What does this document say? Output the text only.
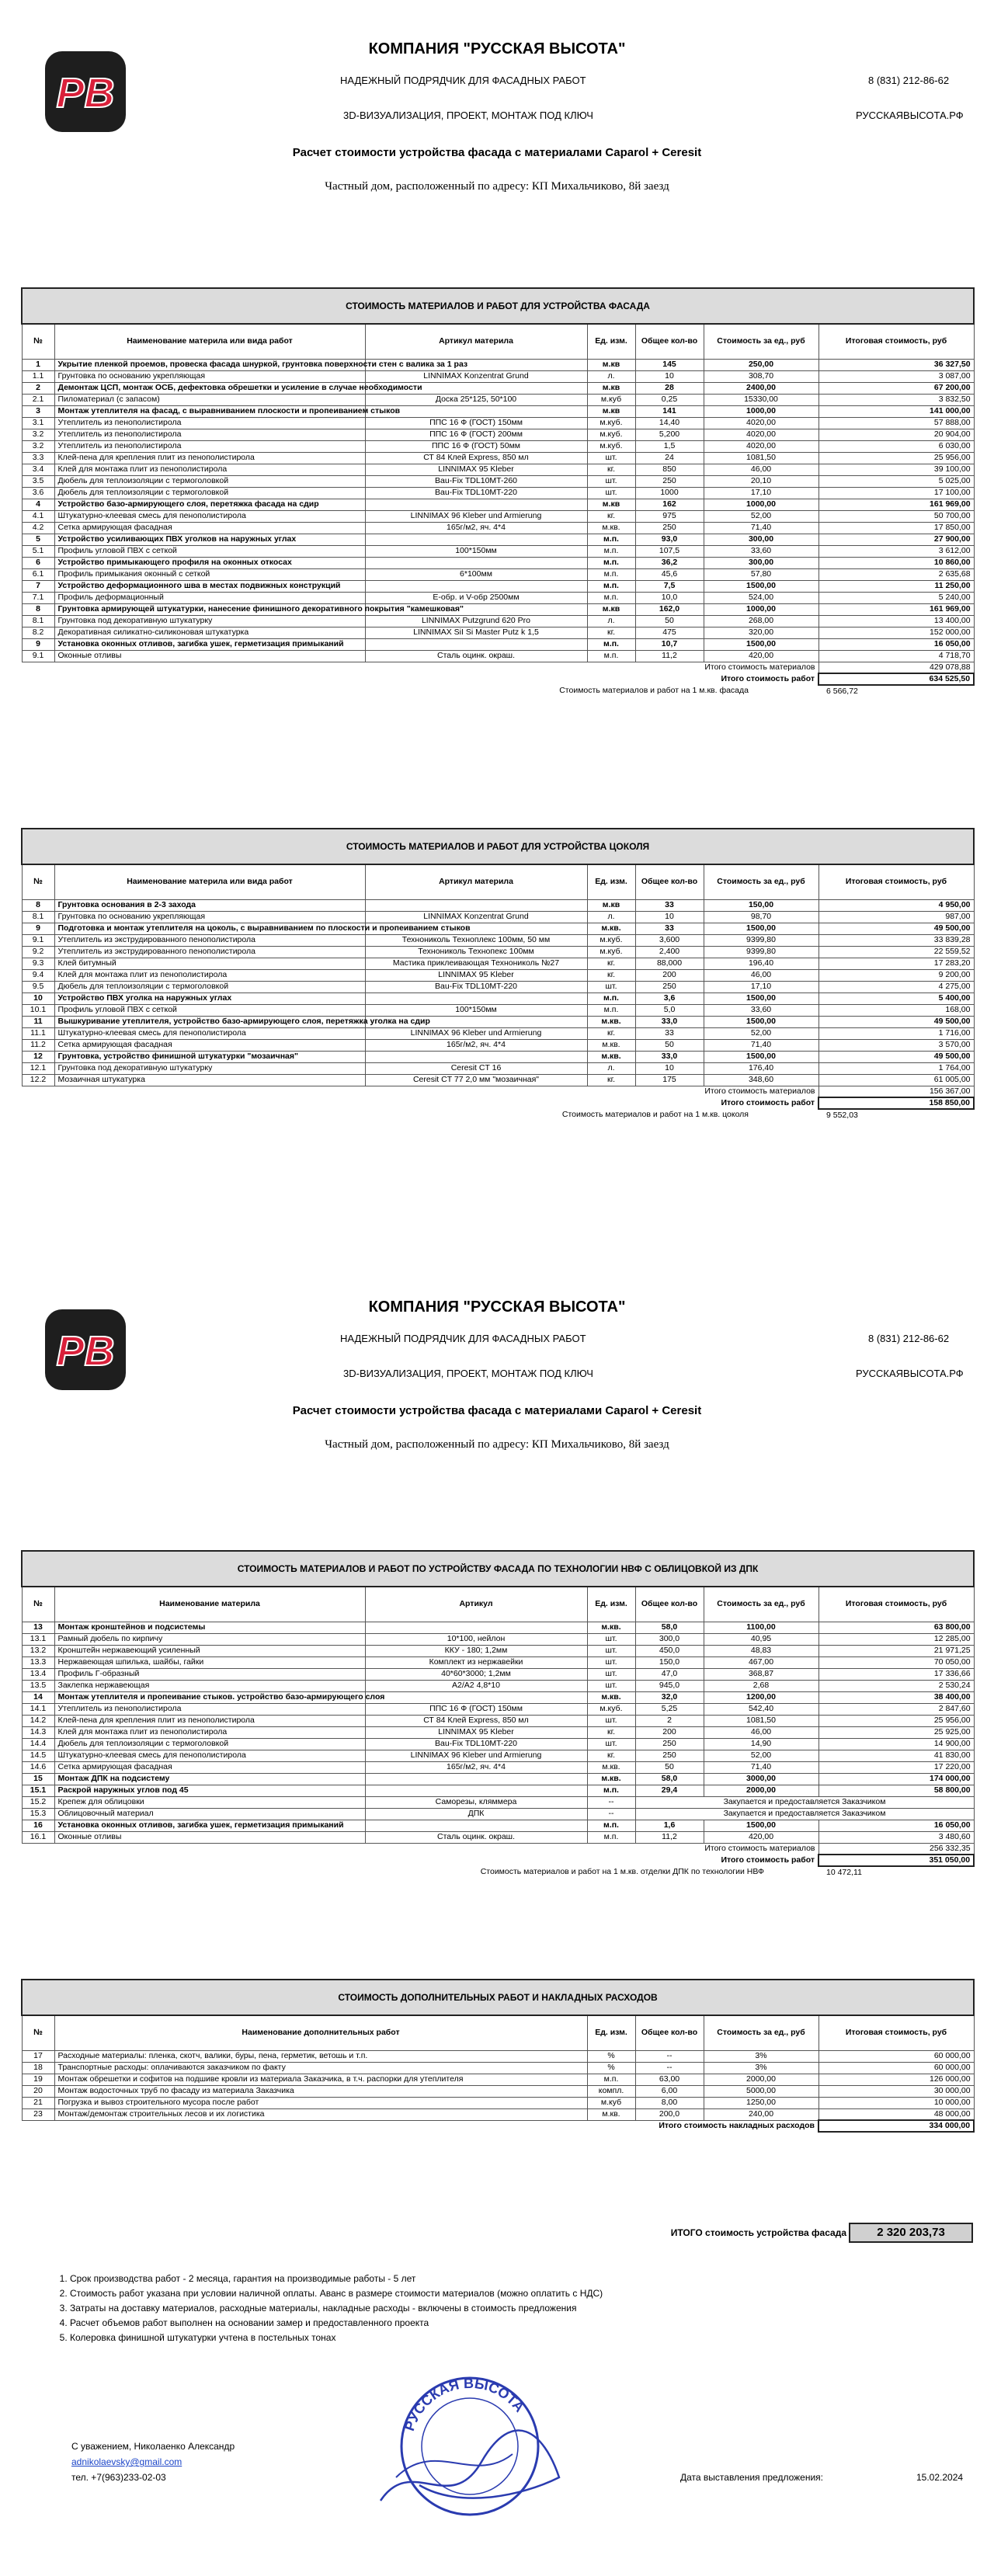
PB
КОМПАНИЯ "РУССКАЯ ВЫСОТА"
НАДЕЖНЫЙ ПОДРЯДЧИК ДЛЯ ФАСАДНЫХ РАБОТ
3D-ВИЗУАЛИЗАЦИЯ, ПРОЕКТ, МОНТАЖ ПОД КЛЮЧ
8 (831) 212-86-62
РУССКАЯВЫСОТА.РФ
Расчет стоимости устройства фасада с материалами Caparol + Ceresit
Частный дом, расположенный по адресу: КП Михальчиково, 8й заезд
СТОИМОСТЬ МАТЕРИАЛОВ И РАБОТ ДЛЯ УСТРОЙСТВА ФАСАДА						
№	Наименование материла или вида работ	Артикул материла	Ед. изм.	Общее кол-во	Стоимость за ед., руб	Итоговая стоимость, руб
1	Укрытие пленкой проемов, провеска фасада шнуркой, грунтовка поверхности стен с валика за 1 раз		м.кв	145	250,00	36 327,50
1.1	Грунтовка по основанию укрепляющая	LINNIMAX Konzentrat Grund	л.	10	308,70	3 087,00
2	Демонтаж ЦСП, монтаж ОСБ, дефектовка обрешетки и усиление в случае необходимости		м.кв	28	2400,00	67 200,00
2.1	Пиломатериал (с запасом)	Доска 25*125, 50*100	м.куб	0,25	15330,00	3 832,50
3	Монтаж утеплителя на фасад, с выравниванием плоскости и пропеиванием стыков		м.кв	141	1000,00	141 000,00
3.1	Утеплитель из пенополистирола	ППС 16 Ф (ГОСТ) 150мм	м.куб.	14,40	4020,00	57 888,00
3.2	Утеплитель из пенополистирола	ППС 16 Ф (ГОСТ) 200мм	м.куб.	5,200	4020,00	20 904,00
3.2	Утеплитель из пенополистирола	ППС 16 Ф (ГОСТ) 50мм	м.куб.	1,5	4020,00	6 030,00
3.3	Клей-пена для крепления плит из пенополистирола	СТ 84 Клей Express, 850 мл	шт.	24	1081,50	25 956,00
3.4	Клей для монтажа плит из пенополистирола	LINNIMAX 95 Kleber	кг.	850	46,00	39 100,00
3.5	Дюбель для теплоизоляции с термоголовкой	Bau-Fix TDL10MT-260	шт.	250	20,10	5 025,00
3.6	Дюбель для теплоизоляции с термоголовкой	Bau-Fix TDL10MT-220	шт.	1000	17,10	17 100,00
4	Устройство базо-армирующего слоя, перетяжка фасада на сдир		м.кв	162	1000,00	161 969,00
4.1	Штукатурно-клеевая смесь для пенополистирола	LINNIMAX 96 Kleber und Armierung	кг.	975	52,00	50 700,00
4.2	Сетка армирующая фасадная	165г/м2, яч. 4*4	м.кв.	250	71,40	17 850,00
5	Устройство усиливающих ПВХ уголков на наружных углах		м.п.	93,0	300,00	27 900,00
5.1	Профиль угловой ПВХ с сеткой	100*150мм	м.п.	107,5	33,60	3 612,00
6	Устройство примыкающего профиля на оконных откосах		м.п.	36,2	300,00	10 860,00
6.1	Профиль примыкания оконный с сеткой	6*100мм	м.п.	45,6	57,80	2 635,68
7	Устройство деформационного шва в местах подвижных конструкций		м.п.	7,5	1500,00	11 250,00
7.1	Профиль деформационный	Е-обр. и V-обр 2500мм	м.п.	10,0	524,00	5 240,00
8	Грунтовка армирующей штукатурки, нанесение финишного декоративного покрытия "камешковая"		м.кв	162,0	1000,00	161 969,00
8.1	Грунтовка под декоративную штукатурку	LINNIMAX Putzgrund 620 Pro	л.	50	268,00	13 400,00
8.2	Декоративная силикатно-силиконовая штукатурка	LINNIMAX SiI Si Master Putz k 1,5	кг.	475	320,00	152 000,00
9	Установка оконных отливов, загибка ушек, герметизация примыканий		м.п.	10,7	1500,00	16 050,00
9.1	Оконные отливы	Сталь оцинк. окраш.	м.п.	11,2	420,00	4 718,70
Итого стоимость материалов						429 078,88
Итого стоимость работ						634 525,50
Стоимость материалов и работ на 1 м.кв. фасада						6 566,72
СТОИМОСТЬ МАТЕРИАЛОВ И РАБОТ ДЛЯ УСТРОЙСТВА ЦОКОЛЯ						
№	Наименование материла или вида работ	Артикул материла	Ед. изм.	Общее кол-во	Стоимость за ед., руб	Итоговая стоимость, руб
8	Грунтовка основания в 2-3 захода		м.кв	33	150,00	4 950,00
8.1	Грунтовка по основанию укрепляющая	LINNIMAX Konzentrat Grund	л.	10	98,70	987,00
9	Подготовка и монтаж утеплителя на цоколь, с выравниванием по плоскости и пропеиванием стыков		м.кв.	33	1500,00	49 500,00
9.1	Утеплитель из экструдированного пенополистирола	Технониколь Техноплекс 100мм, 50 мм	м.куб.	3,600	9399,80	33 839,28
9.2	Утеплитель из экструдированного пенополистирола	Технониколь Технопекс 100мм	м.куб.	2,400	9399,80	22 559,52
9.3	Клей битумный	Мастика приклеивающая Технониколь №27	кг.	88,000	196,40	17 283,20
9.4	Клей для монтажа плит из пенополистирола	LINNIMAX 95 Kleber	кг.	200	46,00	9 200,00
9.5	Дюбель для теплоизоляции с термоголовкой	Bau-Fix TDL10MT-220	шт.	250	17,10	4 275,00
10	Устройство ПВХ уголка на наружных углах		м.п.	3,6	1500,00	5 400,00
10.1	Профиль угловой ПВХ с сеткой	100*150мм	м.п.	5,0	33,60	168,00
11	Вышкуривание утеплителя, устройство базо-армирующего слоя, перетяжка уголка на сдир		м.кв.	33,0	1500,00	49 500,00
11.1	Штукатурно-клеевая смесь для пенополистирола	LINNIMAX 96 Kleber und Armierung	кг.	33	52,00	1 716,00
11.2	Сетка армирующая фасадная	165г/м2, яч. 4*4	м.кв.	50	71,40	3 570,00
12	Грунтовка, устройство финишной штукатурки "мозаичная"		м.кв.	33,0	1500,00	49 500,00
12.1	Грунтовка под декоративную штукатурку	Ceresit CT 16	л.	10	176,40	1 764,00
12.2	Мозаичная штукатурка	Ceresit CT 77 2,0 мм "мозаичная"	кг.	175	348,60	61 005,00
Итого стоимость материалов						156 367,00
Итого стоимость работ						158 850,00
Стоимость материалов и работ на 1 м.кв. цоколя						9 552,03
PB
КОМПАНИЯ "РУССКАЯ ВЫСОТА"
НАДЕЖНЫЙ ПОДРЯДЧИК ДЛЯ ФАСАДНЫХ РАБОТ
3D-ВИЗУАЛИЗАЦИЯ, ПРОЕКТ, МОНТАЖ ПОД КЛЮЧ
8 (831) 212-86-62
РУССКАЯВЫСОТА.РФ
Расчет стоимости устройства фасада с материалами Caparol + Ceresit
Частный дом, расположенный по адресу: КП Михальчиково, 8й заезд
СТОИМОСТЬ МАТЕРИАЛОВ И РАБОТ ПО УСТРОЙСТВУ ФАСАДА ПО ТЕХНОЛОГИИ НВФ С ОБЛИЦОВКОЙ ИЗ ДПК						
№	Наименование материла	Артикул	Ед. изм.	Общее кол-во	Стоимость за ед., руб	Итоговая стоимость, руб
13	Монтаж кронштейнов и подсистемы		м.кв.	58,0	1100,00	63 800,00
13.1	Рамный дюбель по кирпичу	10*100, нейлон	шт.	300,0	40,95	12 285,00
13.2	Кронштейн нержавеющий усиленный	ККУ - 180; 1,2мм	шт.	450,0	48,83	21 971,25
13.3	Нержавеющая шпилька, шайбы, гайки	Комплект из нержавейки	шт.	150,0	467,00	70 050,00
13.4	Профиль Г-образный	40*60*3000; 1,2мм	шт.	47,0	368,87	17 336,66
13.5	Заклепка нержавеющая	А2/А2 4,8*10	шт.	945,0	2,68	2 530,24
14	Монтаж утеплителя и пропеивание стыков. устройство базо-армирующего слоя		м.кв.	32,0	1200,00	38 400,00
14.1	Утеплитель из пенополистирола	ППС 16 Ф (ГОСТ) 150мм	м.куб.	5,25	542,40	2 847,60
14.2	Клей-пена для крепления плит из пенополистирола	СТ 84 Клей Express, 850 мл	шт.	2	1081,50	25 956,00
14.3	Клей для монтажа плит из пенополистирола	LINNIMAX 95 Kleber	кг.	200	46,00	25 925,00
14.4	Дюбель для теплоизоляции с термоголовкой	Bau-Fix TDL10MT-220	шт.	250	14,90	14 900,00
14.5	Штукатурно-клеевая смесь для пенополистирола	LINNIMAX 96 Kleber und Armierung	кг.	250	52,00	41 830,00
14.6	Сетка армирующая фасадная	165г/м2, яч. 4*4	м.кв.	50	71,40	17 220,00
15	Монтаж ДПК на подсистему		м.кв.	58,0	3000,00	174 000,00
15.1	Раскрой наружных углов под 45		м.п.	29,4	2000,00	58 800,00
15.2	Крепеж для облицовки	Саморезы, кляммера	--	Закупается и предоставляется Заказчиком		
15.3	Облицовочный материал	ДПК	--	Закупается и предоставляется Заказчиком		
16	Установка оконных отливов, загибка ушек, герметизация примыканий		м.п.	1,6	1500,00	16 050,00
16.1	Оконные отливы	Сталь оцинк. окраш.	м.п.	11,2	420,00	3 480,60
Итого стоимость материалов						256 332,35
Итого стоимость работ						351 050,00
Стоимость материалов и работ на 1 м.кв. отделки ДПК по технологии НВФ						10 472,11
СТОИМОСТЬ ДОПОЛНИТЕЛЬНЫХ РАБОТ И НАКЛАДНЫХ РАСХОДОВ					
№	Наименование дополнительных работ	Ед. изм.	Общее кол-во	Стоимость за ед., руб	Итоговая стоимость, руб
17	Расходные материалы: пленка, скотч, валики, буры, пена, герметик, ветошь и т.п.	%	--	3%	60 000,00
18	Транспортные расходы: оплачиваются заказчиком по факту	%	--	3%	60 000,00
19	Монтаж обрешетки и софитов на подшиве кровли из материала Заказчика, в т.ч. распорки для утеплителя	м.п.	63,00	2000,00	126 000,00
20	Монтаж водосточных труб по фасаду из материала Заказчика	компл.	6,00	5000,00	30 000,00
21	Погрузка и вывоз строительного мусора после работ	м.куб	8,00	1250,00	10 000,00
23	Монтаж/демонтаж строительных лесов и их логистика	м.кв.	200,0	240,00	48 000,00
Итого стоимость накладных расходов					334 000,00
ИТОГО стоимость устройства фасада	2 320 203,73
1. Срок производства работ - 2 месяца, гарантия на производимые работы - 5 лет
2. Стоимость работ указана при условии наличной оплаты. Аванс в размере стоимости материалов (можно оплатить с НДС)
3. Затраты на доставку материалов, расходные материалы, накладные расходы - включены в стоимость предложения
4. Расчет объемов работ выполнен на основании замер и предоставленного проекта
5. Колеровка финишной штукатурки учтена в постельных тонах
С уважением, Николаенко Александр
adnikolaevsky@gmail.com
тел. +7(963)233-02-03	Дата выставления предложения:	15.02.2024
РУССКАЯ ВЫСОТА
